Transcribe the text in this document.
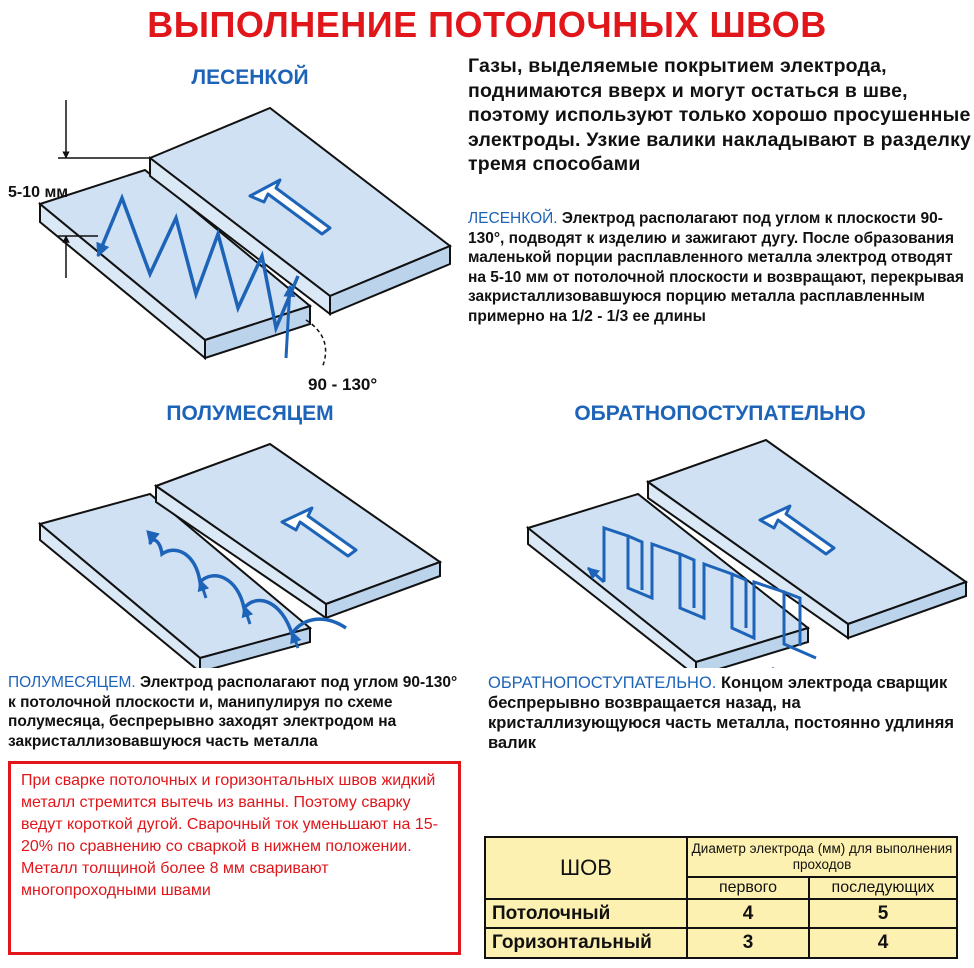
ВЫПОЛНЕНИЕ ПОТОЛОЧНЫХ ШВОВ
ЛЕСЕНКОЙ
ПОЛУМЕСЯЦЕМ	ОБРАТНОПОСТУПАТЕЛЬНО
Газы, выделяемые покрытием электрода, поднимаются вверх и могут остаться в шве, поэтому используют только хорошо просушенные электроды. Узкие валики накладывают в разделку тремя способами
ЛЕСЕНКОЙ. Электрод располагают под углом к плоскости 90-130°, подводят к изделию и зажигают дугу. После образования маленькой порции расплавленного металла электрод отводят на 5-10 мм от потолочной плоскости и возвращают, перекрывая закристаллизовавшуюся порцию металла расплавленным примерно на 1/2 - 1/3 ее длины
ПОЛУМЕСЯЦЕМ. Электрод располагают под углом 90-130° к потолочной плоскости и, манипулируя по схеме полумесяца, беспрерывно заходят электродом на закристаллизовавшуюся часть металла
ОБРАТНОПОСТУПАТЕЛЬНО. Концом электрода сварщик беспрерывно возвращается назад, на кристаллизующуюся часть металла, постоянно удлиняя валик
При сварке потолочных и горизонтальных швов жидкий металл стремится вытечь из ванны. Поэтому сварку ведут короткой дугой. Сварочный ток уменьшают на 15-20% по сравнению со сваркой в нижнем положении. Металл толщиной более 8 мм сваривают многопроходными швами
ШОВ	Диаметр электрода (мм) для выполнения проходов	
	первого	последующих
Потолочный	4	5
Горизонтальный	3	4
5-10 мм
90 - 130°
